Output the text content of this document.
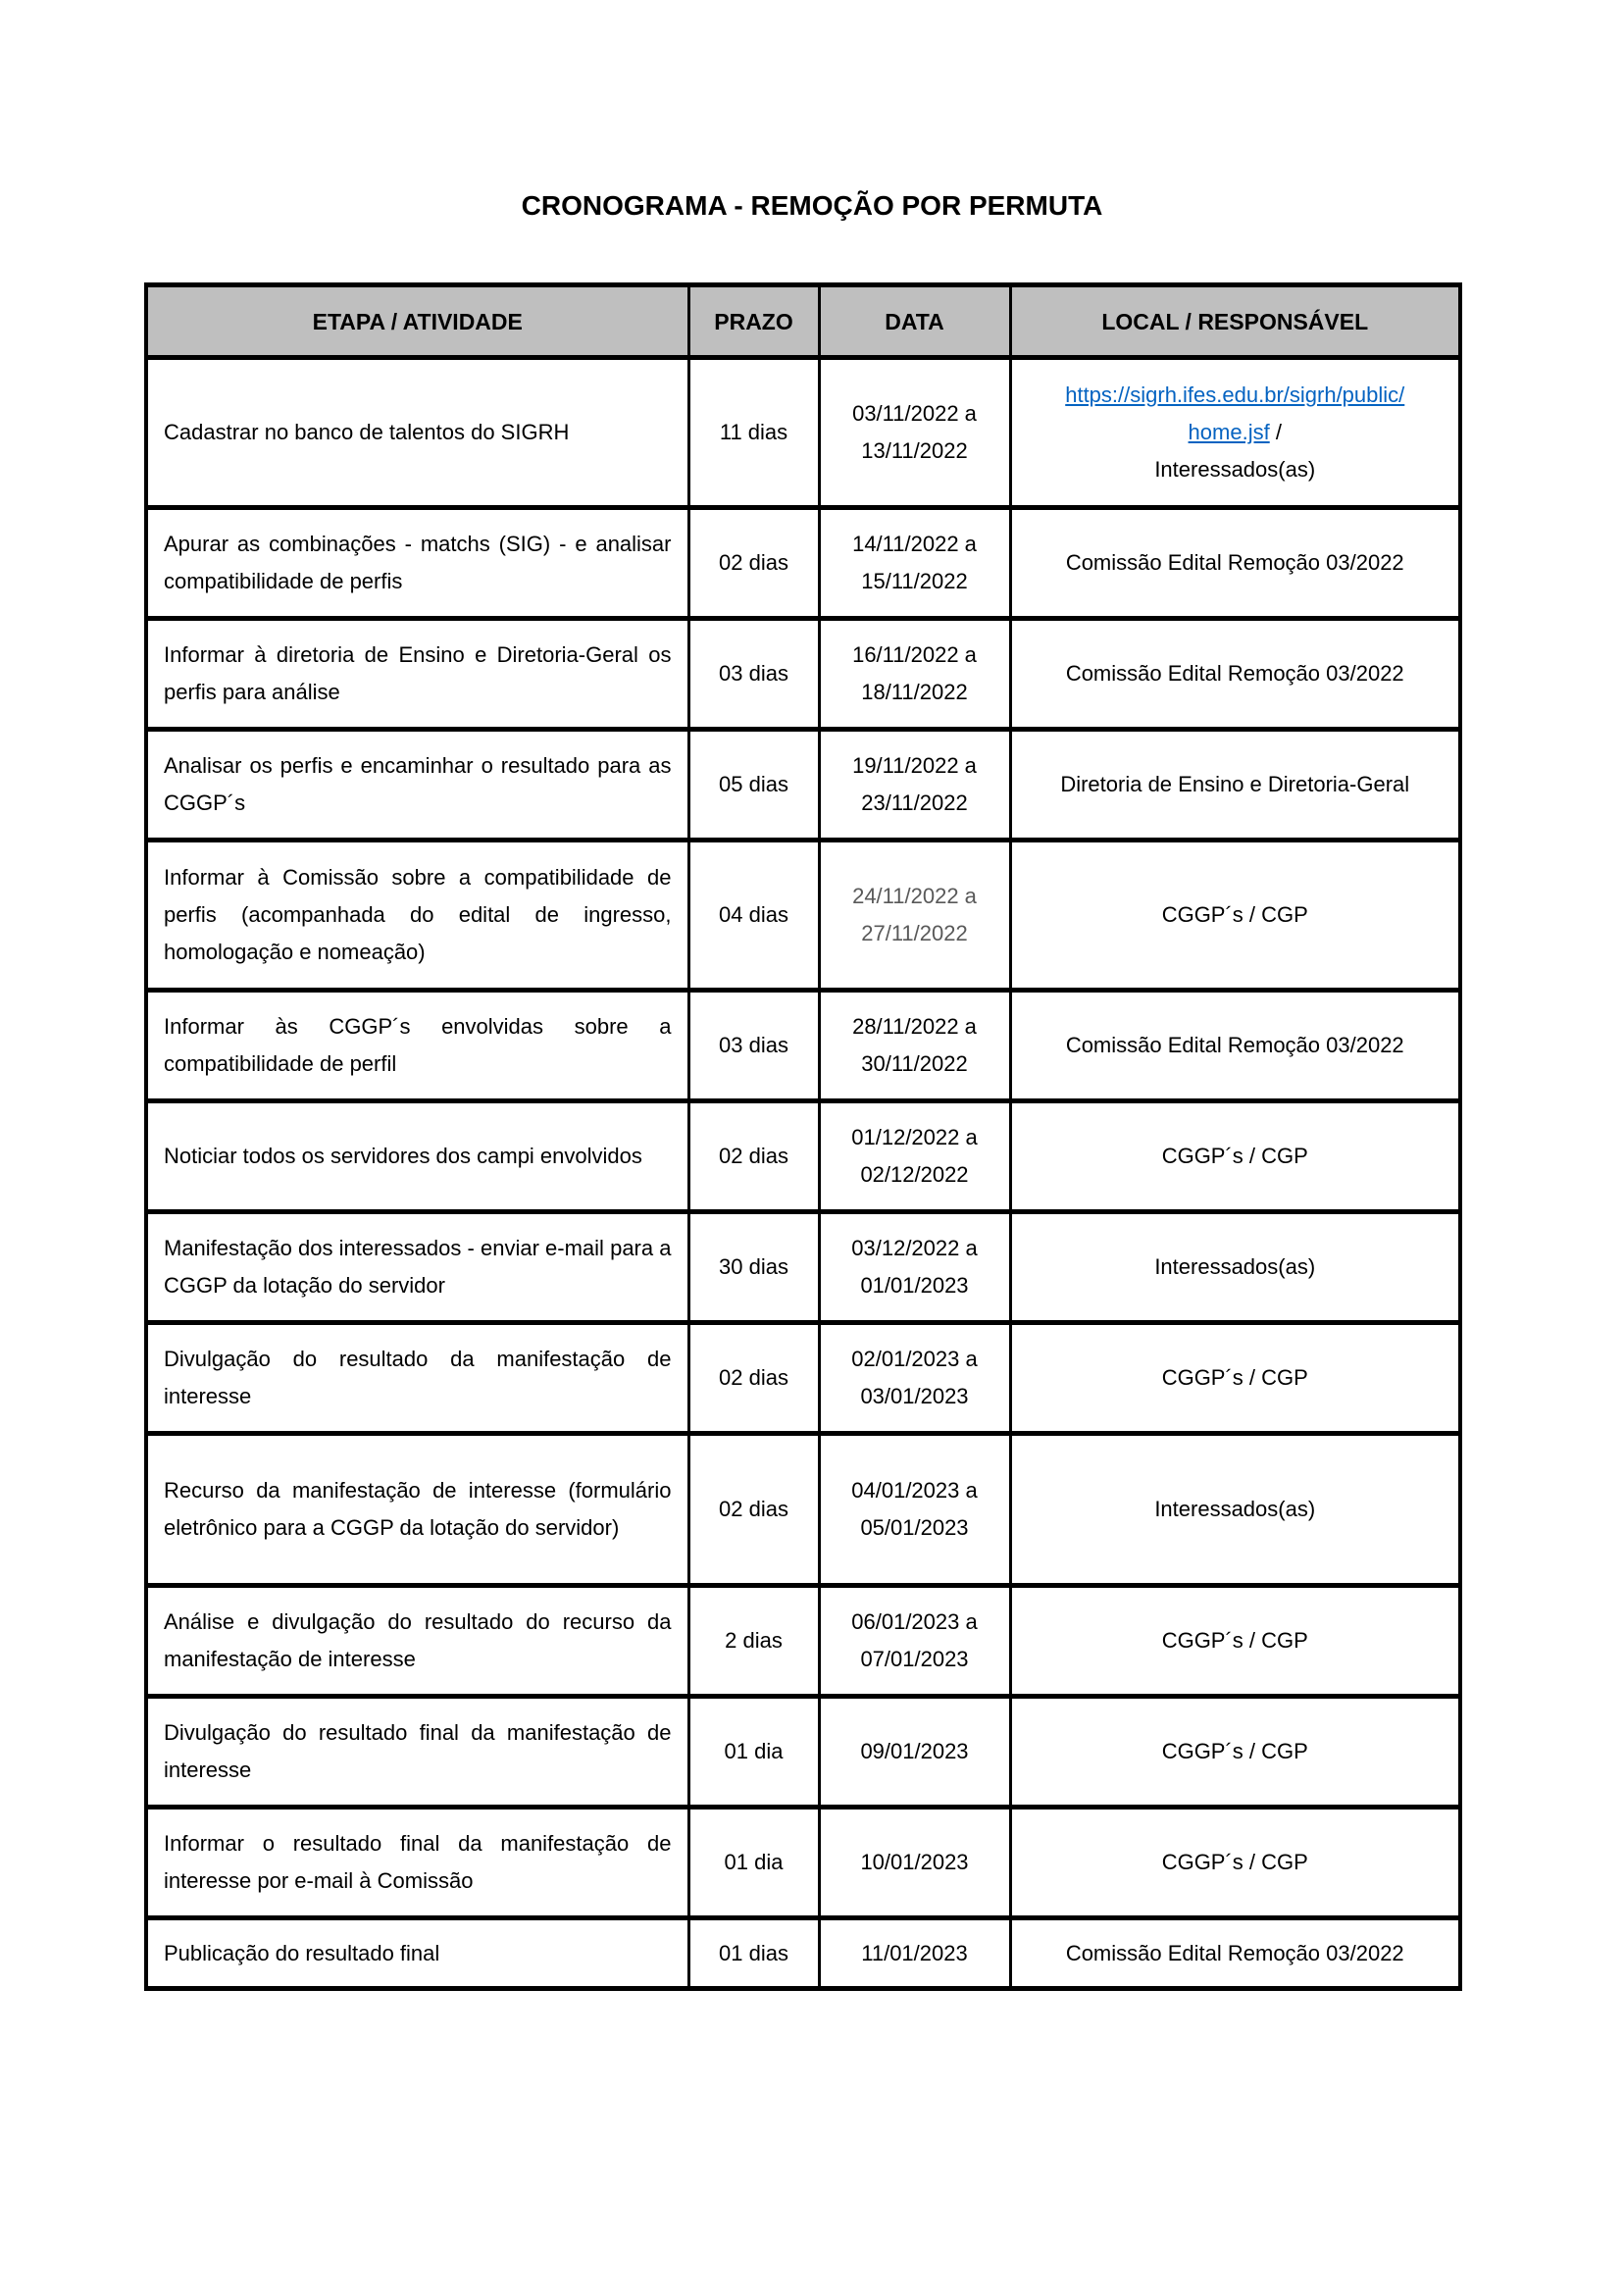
CRONOGRAMA - REMOÇÃO POR PERMUTA
ETAPA / ATIVIDADE	PRAZO	DATA	LOCAL / RESPONSÁVEL
Cadastrar no banco de talentos do SIGRH	11 dias	03/11/2022 a 13/11/2022	https://sigrh.ifes.edu.br/sigrh/public/
home.jsf /
Interessados(as)
Apurar as combinações - matchs (SIG) - e analisar compatibilidade de perfis	02 dias	14/11/2022 a 15/11/2022	Comissão Edital Remoção 03/2022
Informar à diretoria de Ensino e Diretoria-Geral os perfis para análise	03 dias	16/11/2022 a 18/11/2022	Comissão Edital Remoção 03/2022
Analisar os perfis e encaminhar o resultado para as CGGP´s	05 dias	19/11/2022 a 23/11/2022	Diretoria de Ensino e Diretoria-Geral
Informar à Comissão sobre a compatibilidade de perfis (acompanhada do edital de ingresso, homologação e nomeação)	04 dias	24/11/2022 a 27/11/2022	CGGP´s / CGP
Informar às CGGP´s envolvidas sobre a compatibilidade de perfil	03 dias	28/11/2022 a 30/11/2022	Comissão Edital Remoção 03/2022
Noticiar todos os servidores dos campi envolvidos	02 dias	01/12/2022 a 02/12/2022	CGGP´s / CGP
Manifestação dos interessados - enviar e-mail para a CGGP da lotação do servidor	30 dias	03/12/2022 a 01/01/2023	Interessados(as)
Divulgação do resultado da manifestação de interesse	02 dias	02/01/2023 a 03/01/2023	CGGP´s / CGP
Recurso da manifestação de interesse (formulário eletrônico para a CGGP da lotação do servidor)	02 dias	04/01/2023 a 05/01/2023	Interessados(as)
Análise e divulgação do resultado do recurso da manifestação de interesse	2 dias	06/01/2023 a 07/01/2023	CGGP´s / CGP
Divulgação do resultado final da manifestação de interesse	01 dia	09/01/2023	CGGP´s / CGP
Informar o resultado final da manifestação de interesse por e-mail à Comissão	01 dia	10/01/2023	CGGP´s / CGP
Publicação do resultado final	01 dias	11/01/2023	Comissão Edital Remoção 03/2022
